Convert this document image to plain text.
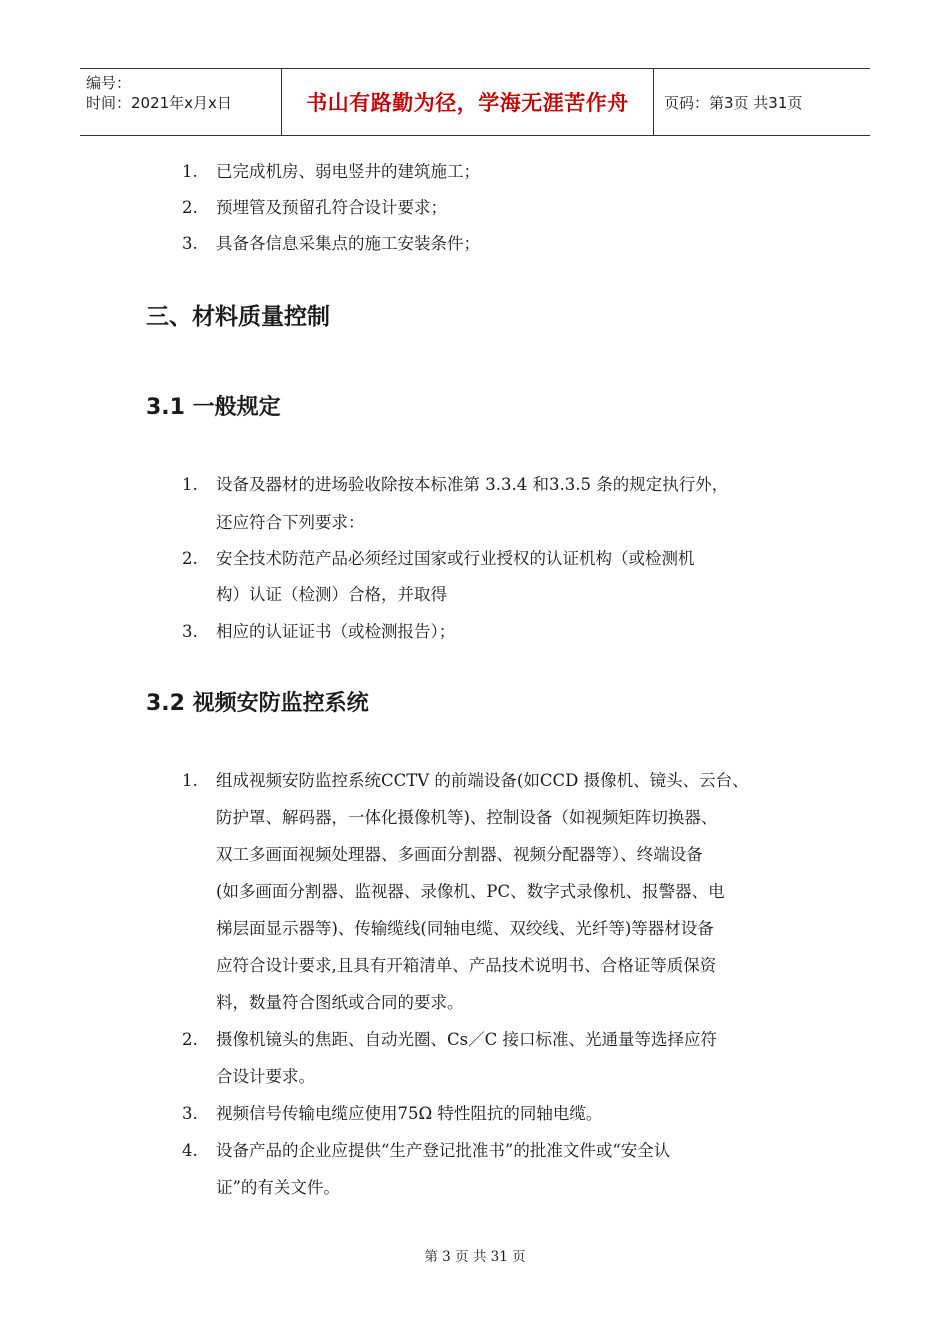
编号：
时间：2021年x月x日	书山有路勤为径，学海无涯苦作舟	页码：第3页 共31页
1. 已完成机房、弱电竖井的建筑施工；
2. 预埋管及预留孔符合设计要求；
3. 具备各信息采集点的施工安装条件；
三、材料质量控制
3.1 一般规定
1. 设备及器材的进场验收除按本标准第 3.3.4 和3.3.5 条的规定执行外，
还应符合下列要求：
2. 安全技术防范产品必须经过国家或行业授权的认证机构（或检测机
构）认证（检测）合格，并取得
3. 相应的认证证书（或检测报告）；
3.2 视频安防监控系统
1. 组成视频安防监控系统CCTV 的前端设备(如CCD 摄像机、镜头、云台、
防护罩、解码器，一体化摄像机等)、控制设备（如视频矩阵切换器、
双工多画面视频处理器、多画面分割器、视频分配器等）、终端设备
(如多画面分割器、监视器、录像机、PC、数字式录像机、报警器、电
梯层面显示器等)、传输缆线(同轴电缆、双绞线、光纤等)等器材设备
应符合设计要求,且具有开箱清单、产品技术说明书、合格证等质保资
料，数量符合图纸或合同的要求。
2. 摄像机镜头的焦距、自动光圈、Cs／C 接口标准、光通量等选择应符
合设计要求。
3. 视频信号传输电缆应使用75Ω 特性阻抗的同轴电缆。
4. 设备产品的企业应提供“生产登记批准书”的批准文件或“安全认
证”的有关文件。
第 3 页 共 31 页
